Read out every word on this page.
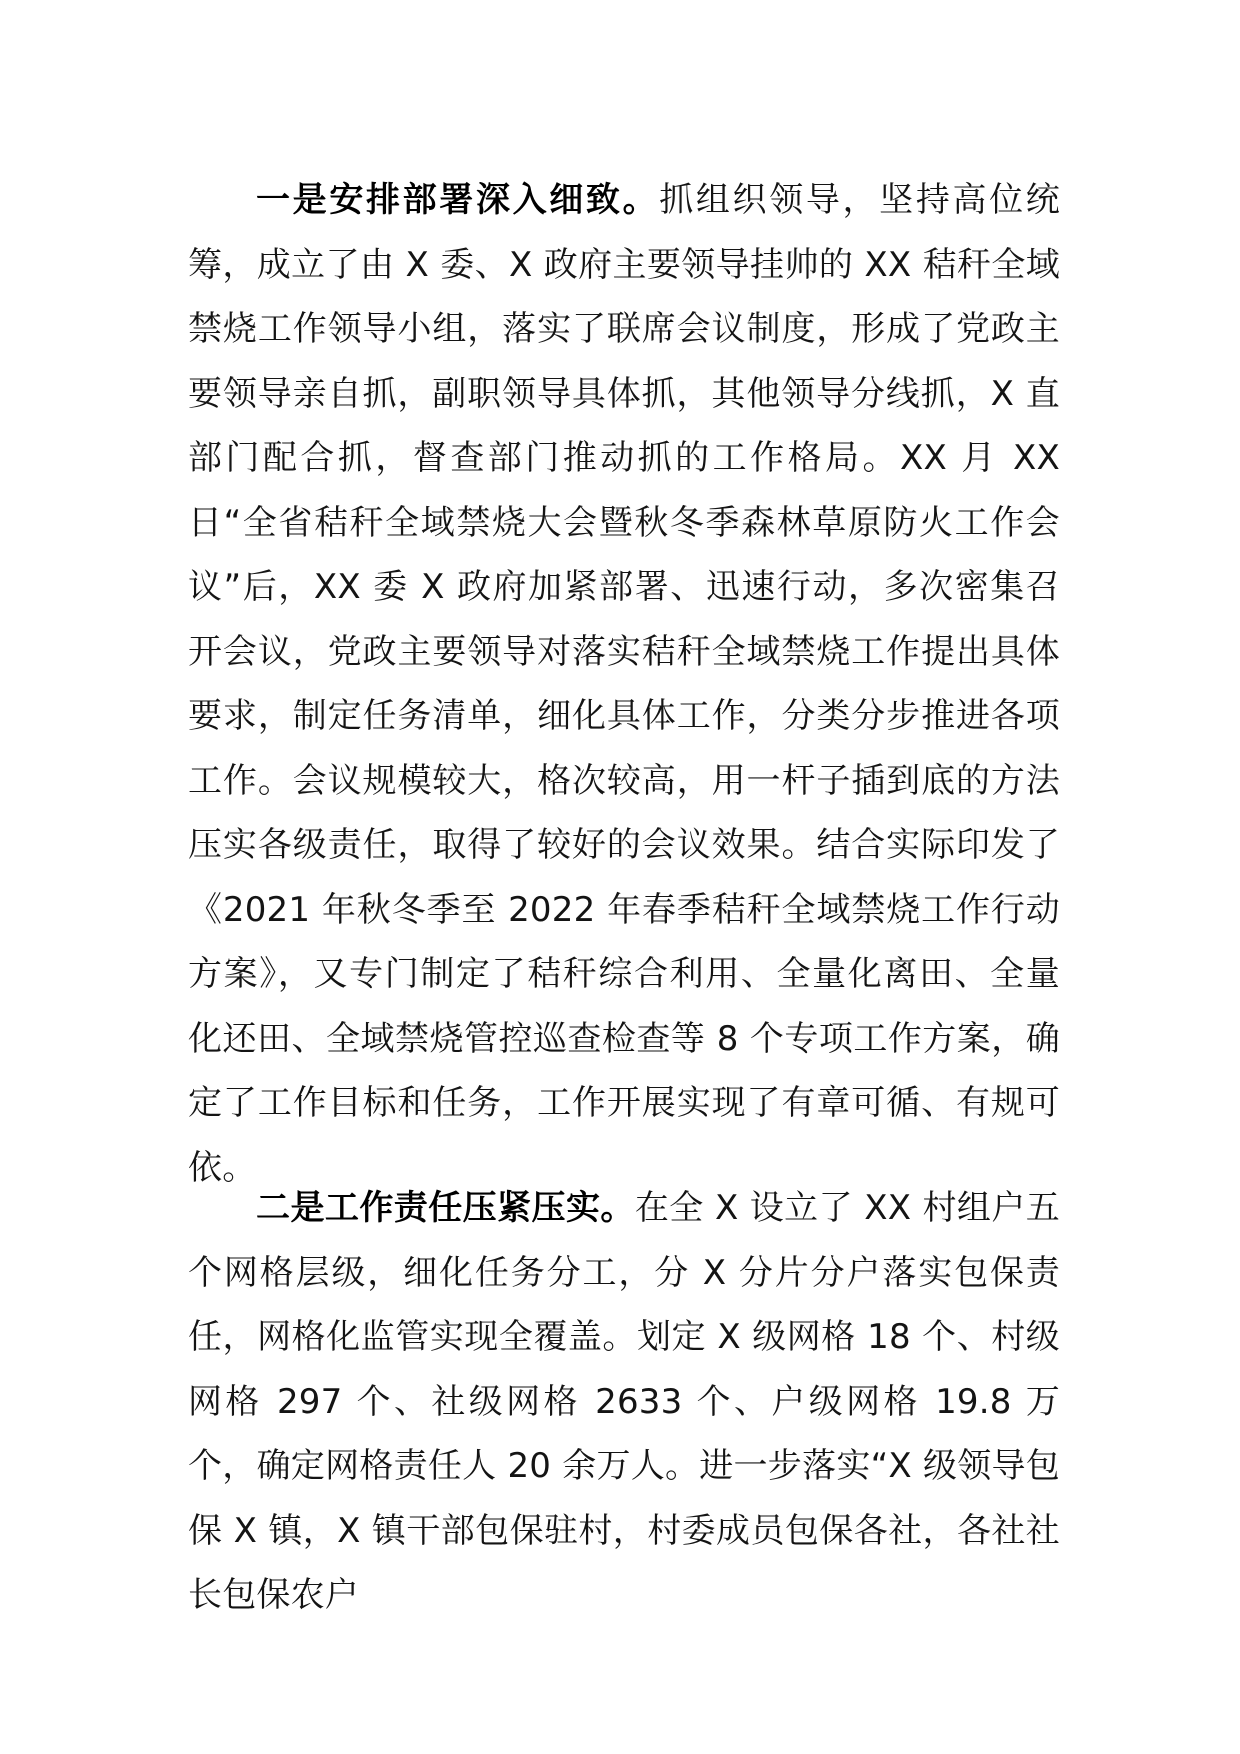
一是安排部署深入细致。抓组织领导，坚持高位统筹，成立了由 X 委、X 政府主要领导挂帅的 XX 秸秆全域禁烧工作领导小组，落实了联席会议制度，形成了党政主要领导亲自抓，副职领导具体抓，其他领导分线抓，X 直部门配合抓，督查部门推动抓的工作格局。XX 月 XX 日“全省秸秆全域禁烧大会暨秋冬季森林草原防火工作会议”后，XX 委 X 政府加紧部署、迅速行动，多次密集召开会议，党政主要领导对落实秸秆全域禁烧工作提出具体要求，制定任务清单，细化具体工作，分类分步推进各项工作。会议规模较大，格次较高，用一杆子插到底的方法压实各级责任，取得了较好的会议效果。结合实际印发了《2021 年秋冬季至 2022 年春季秸秆全域禁烧工作行动方案》，又专门制定了秸秆综合利用、全量化离田、全量化还田、全域禁烧管控巡查检查等 8 个专项工作方案，确定了工作目标和任务，工作开展实现了有章可循、有规可依。

二是工作责任压紧压实。在全 X 设立了 XX 村组户五个网格层级，细化任务分工，分 X 分片分户落实包保责任，网格化监管实现全覆盖。划定 X 级网格 18 个、村级网格 297 个、社级网格 2633 个、户级网格 19.8 万个，确定网格责任人 20 余万人。进一步落实“X 级领导包保 X 镇，X 镇干部包保驻村，村委成员包保各社，各社社长包保农户
